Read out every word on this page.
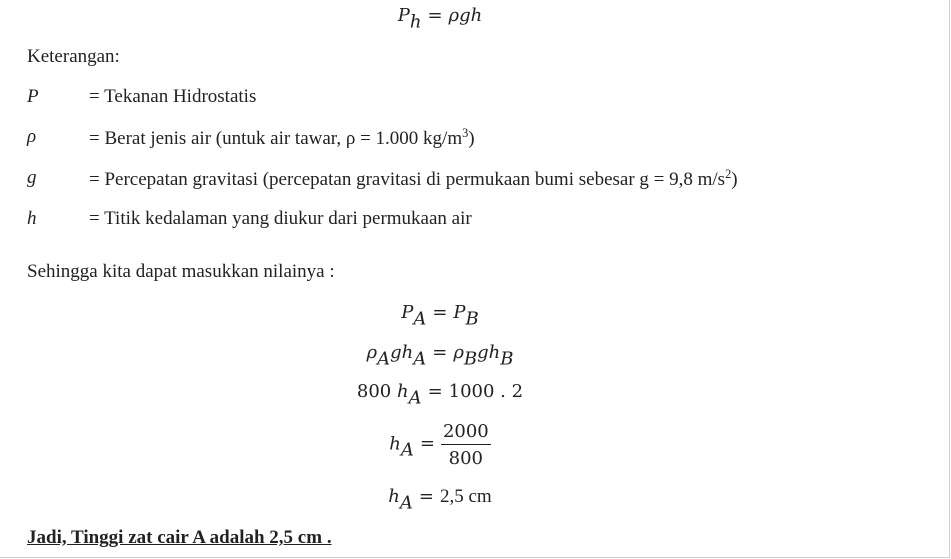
$P_h = \rho gh$
Keterangan:
P	= Tekanan Hidrostatis
ρ	= Berat jenis air (untuk air tawar, ρ = 1.000 $kg/m^3$)
g	= Percepatan gravitasi (percepatan gravitasi di permukaan bumi sebesar g = 9,8 $m/s^2$)
h	= Titik kedalaman yang diukur dari permukaan air
Sehingga kita dapat masukkan nilainya :
$P_A = P_B$
$\rho_Agh_A = \rho_Bgh_B$
800 $h_A = 1000$ . 2
$h_A = \frac{2000}{800}$
$h_A = 2,5$ cm
Jadi, Tinggi zat cair A adalah 2,5 cm .
